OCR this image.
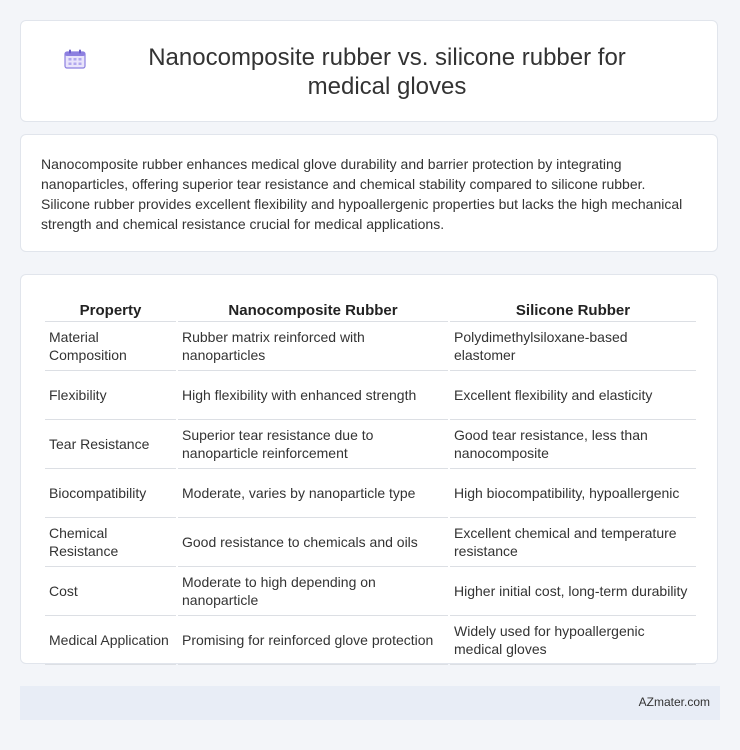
Nanocomposite rubber vs. silicone rubber for medical gloves

Nanocomposite rubber enhances medical glove durability and barrier protection by integrating nanoparticles, offering superior tear resistance and chemical stability compared to silicone rubber. Silicone rubber provides excellent flexibility and hypoallergenic properties but lacks the high mechanical strength and chemical resistance crucial for medical applications.

Property	Nanocomposite Rubber	Silicone Rubber
Material Composition	Rubber matrix reinforced with nanoparticles	Polydimethylsiloxane-based elastomer
Flexibility	High flexibility with enhanced strength	Excellent flexibility and elasticity
Tear Resistance	Superior tear resistance due to nanoparticle reinforcement	Good tear resistance, less than nanocomposite
Biocompatibility	Moderate, varies by nanoparticle type	High biocompatibility, hypoallergenic
Chemical Resistance	Good resistance to chemicals and oils	Excellent chemical and temperature resistance
Cost	Moderate to high depending on nanoparticle	Higher initial cost, long-term durability
Medical Application	Promising for reinforced glove protection	Widely used for hypoallergenic medical gloves
AZmater.com
